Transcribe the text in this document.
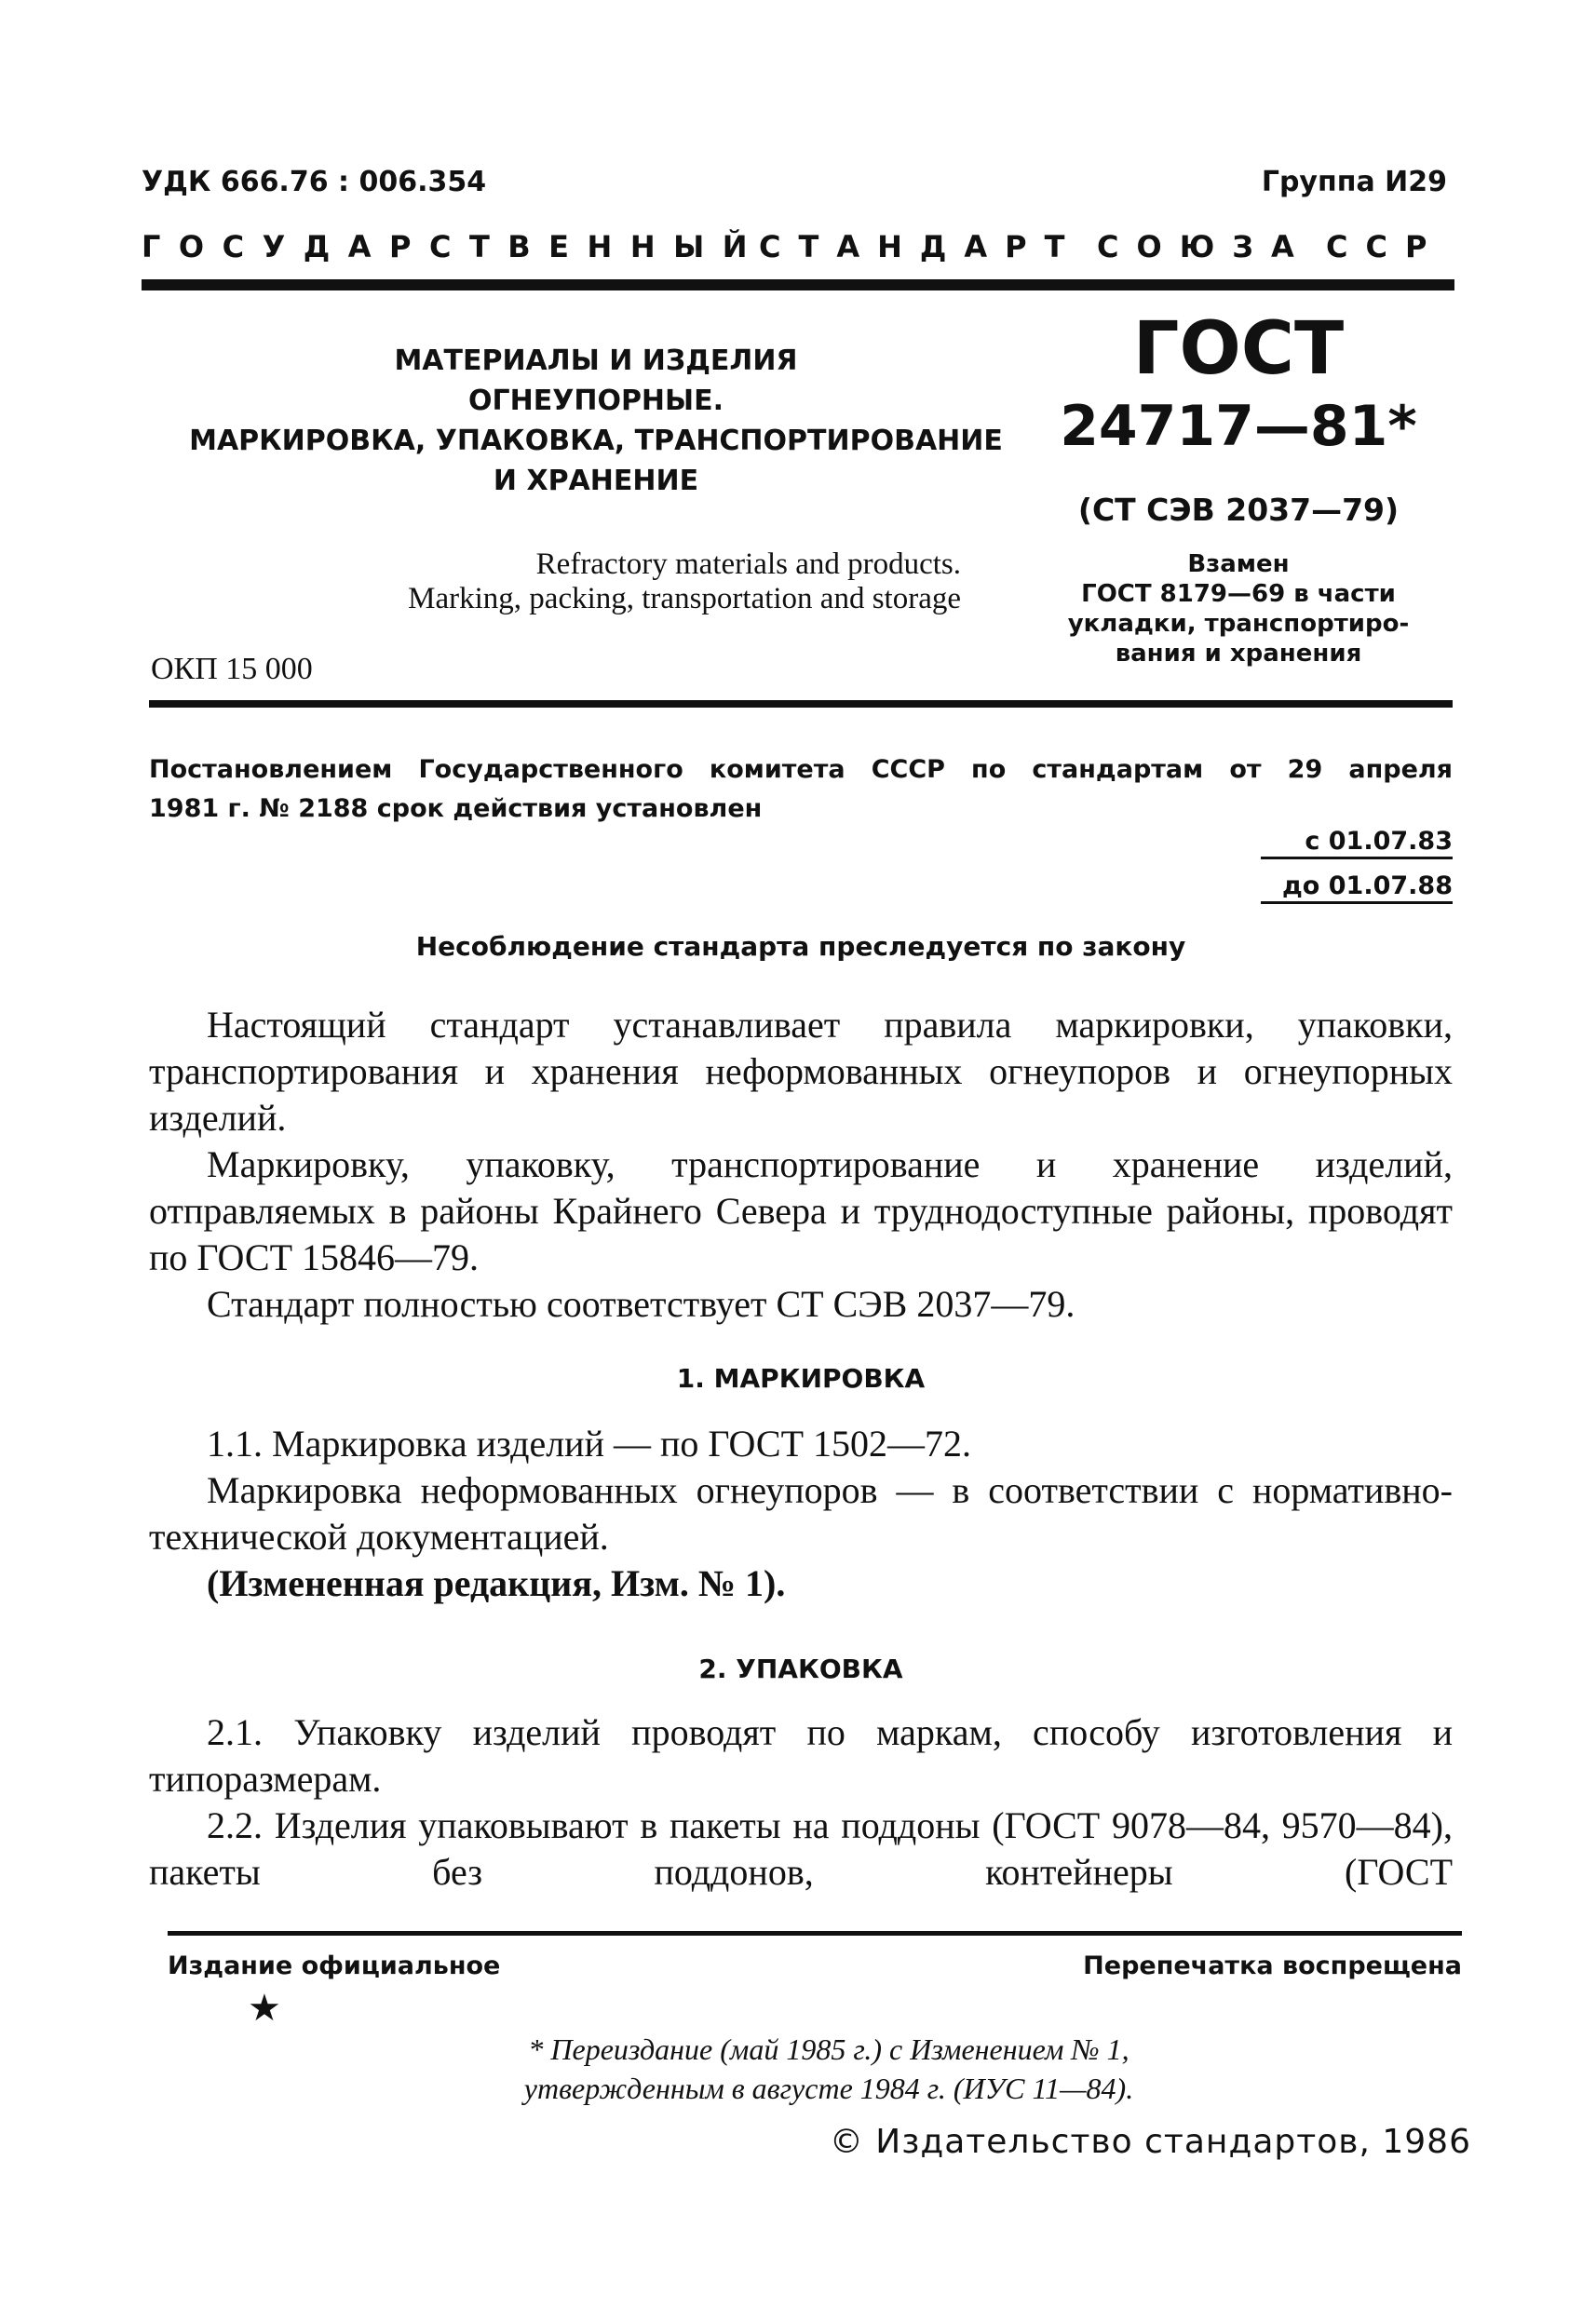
УДК 666.76 : 006.354	Группа И29
ГОСУДАРСТВЕННЫЙ
СТАНДАРТ СОЮЗА ССР
МАТЕРИАЛЫ И ИЗДЕЛИЯ
ОГНЕУПОРНЫЕ.
МАРКИРОВКА, УПАКОВКА, ТРАНСПОРТИРОВАНИЕ
И ХРАНЕНИЕ
Refractory materials and products.
Marking, packing, transportation and storage
ОКП 15 000
ГОСТ
24717—81*
(СТ СЭВ 2037—79)
Взамен
ГОСТ 8179—69 в части
укладки, транспортиро-
вания и хранения
Постановлением Государственного комитета СССР по стандартам от 29 апреля
1981 г. № 2188 срок действия установлен
с 01.07.83
до 01.07.88
Несоблюдение стандарта преследуется по закону
Настоящий стандарт устанавливает правила маркировки, упаковки, транспортирования и хранения неформованных огнеупоров и огнеупорных изделий.
Маркировку, упаковку, транспортирование и хранение изделий, отправляемых в районы Крайнего Севера и труднодоступные районы, проводят по ГОСТ 15846—79.
Стандарт полностью соответствует СТ СЭВ 2037—79.
1. МАРКИРОВКА
1.1. Маркировка изделий — по ГОСТ 1502—72.
Маркировка неформованных огнеупоров — в соответствии с нормативно-технической документацией.
(Измененная редакция, Изм. № 1).
2. УПАКОВКА
2.1. Упаковку изделий проводят по маркам, способу изготовления и типоразмерам.
2.2. Изделия упаковывают в пакеты на поддоны (ГОСТ 9078—84, 9570—84), пакеты без поддонов, контейнеры (ГОСТ
Издание официальное	Перепечатка воспрещена
★
* Переиздание (май 1985 г.) с Изменением № 1,
утвержденным в августе 1984 г. (ИУС 11—84).
© Издательство стандартов, 1986
